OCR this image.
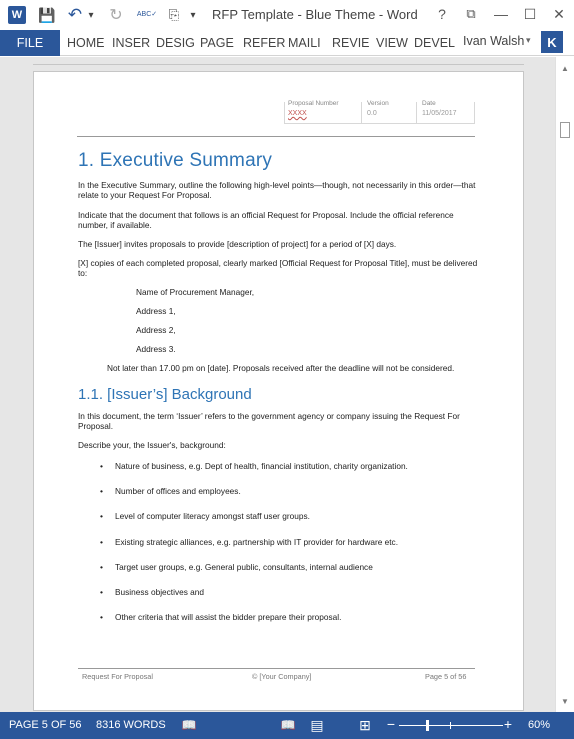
W 💾 ↶ ▾ ↻	ABC✓ ⎘	▾ RFP Template - Blue Theme - Word	?	⧉	—	☐	✕
FILE	HOME INSER DESIG PAGE REFER MAILI REVIE VIEW DEVEL Ivan Walsh ▾	K
Proposal Number
XXXX
Version
0.0
Date
11/05/2017
1. Executive Summary
In the Executive Summary, outline the following high-level points—though, not necessarily in this order—that relate to your Request For Proposal.
Indicate that the document that follows is an official Request for Proposal. Include the official reference number, if available.
The [Issuer] invites proposals to provide [description of project] for a period of [X] days.
[X] copies of each completed proposal, clearly marked [Official Request for Proposal Title], must be delivered to:
Name of Procurement Manager,
Address 1,
Address 2,
Address 3.
Not later than 17.00 pm on [date]. Proposals received after the deadline will not be considered.
1.1. [Issuer’s] Background
In this document, the term ‘Issuer’ refers to the government agency or company issuing the Request For Proposal.
Describe your, the Issuer's, background:
• Nature of business, e.g. Dept of health, financial institution, charity organization.
• Number of offices and employees.
• Level of computer literacy amongst staff user groups.
• Existing strategic alliances, e.g. partnership with IT provider for hardware etc.
• Target user groups, e.g. General public, consultants, internal audience
• Business objectives and
• Other criteria that will assist the bidder prepare their proposal.
Request For Proposal	© [Your Company]	Page 5 of 56
▲
▼
PAGE 5 OF 56 8316 WORDS 📖	📖 ▤	⊞ −	+	60%
